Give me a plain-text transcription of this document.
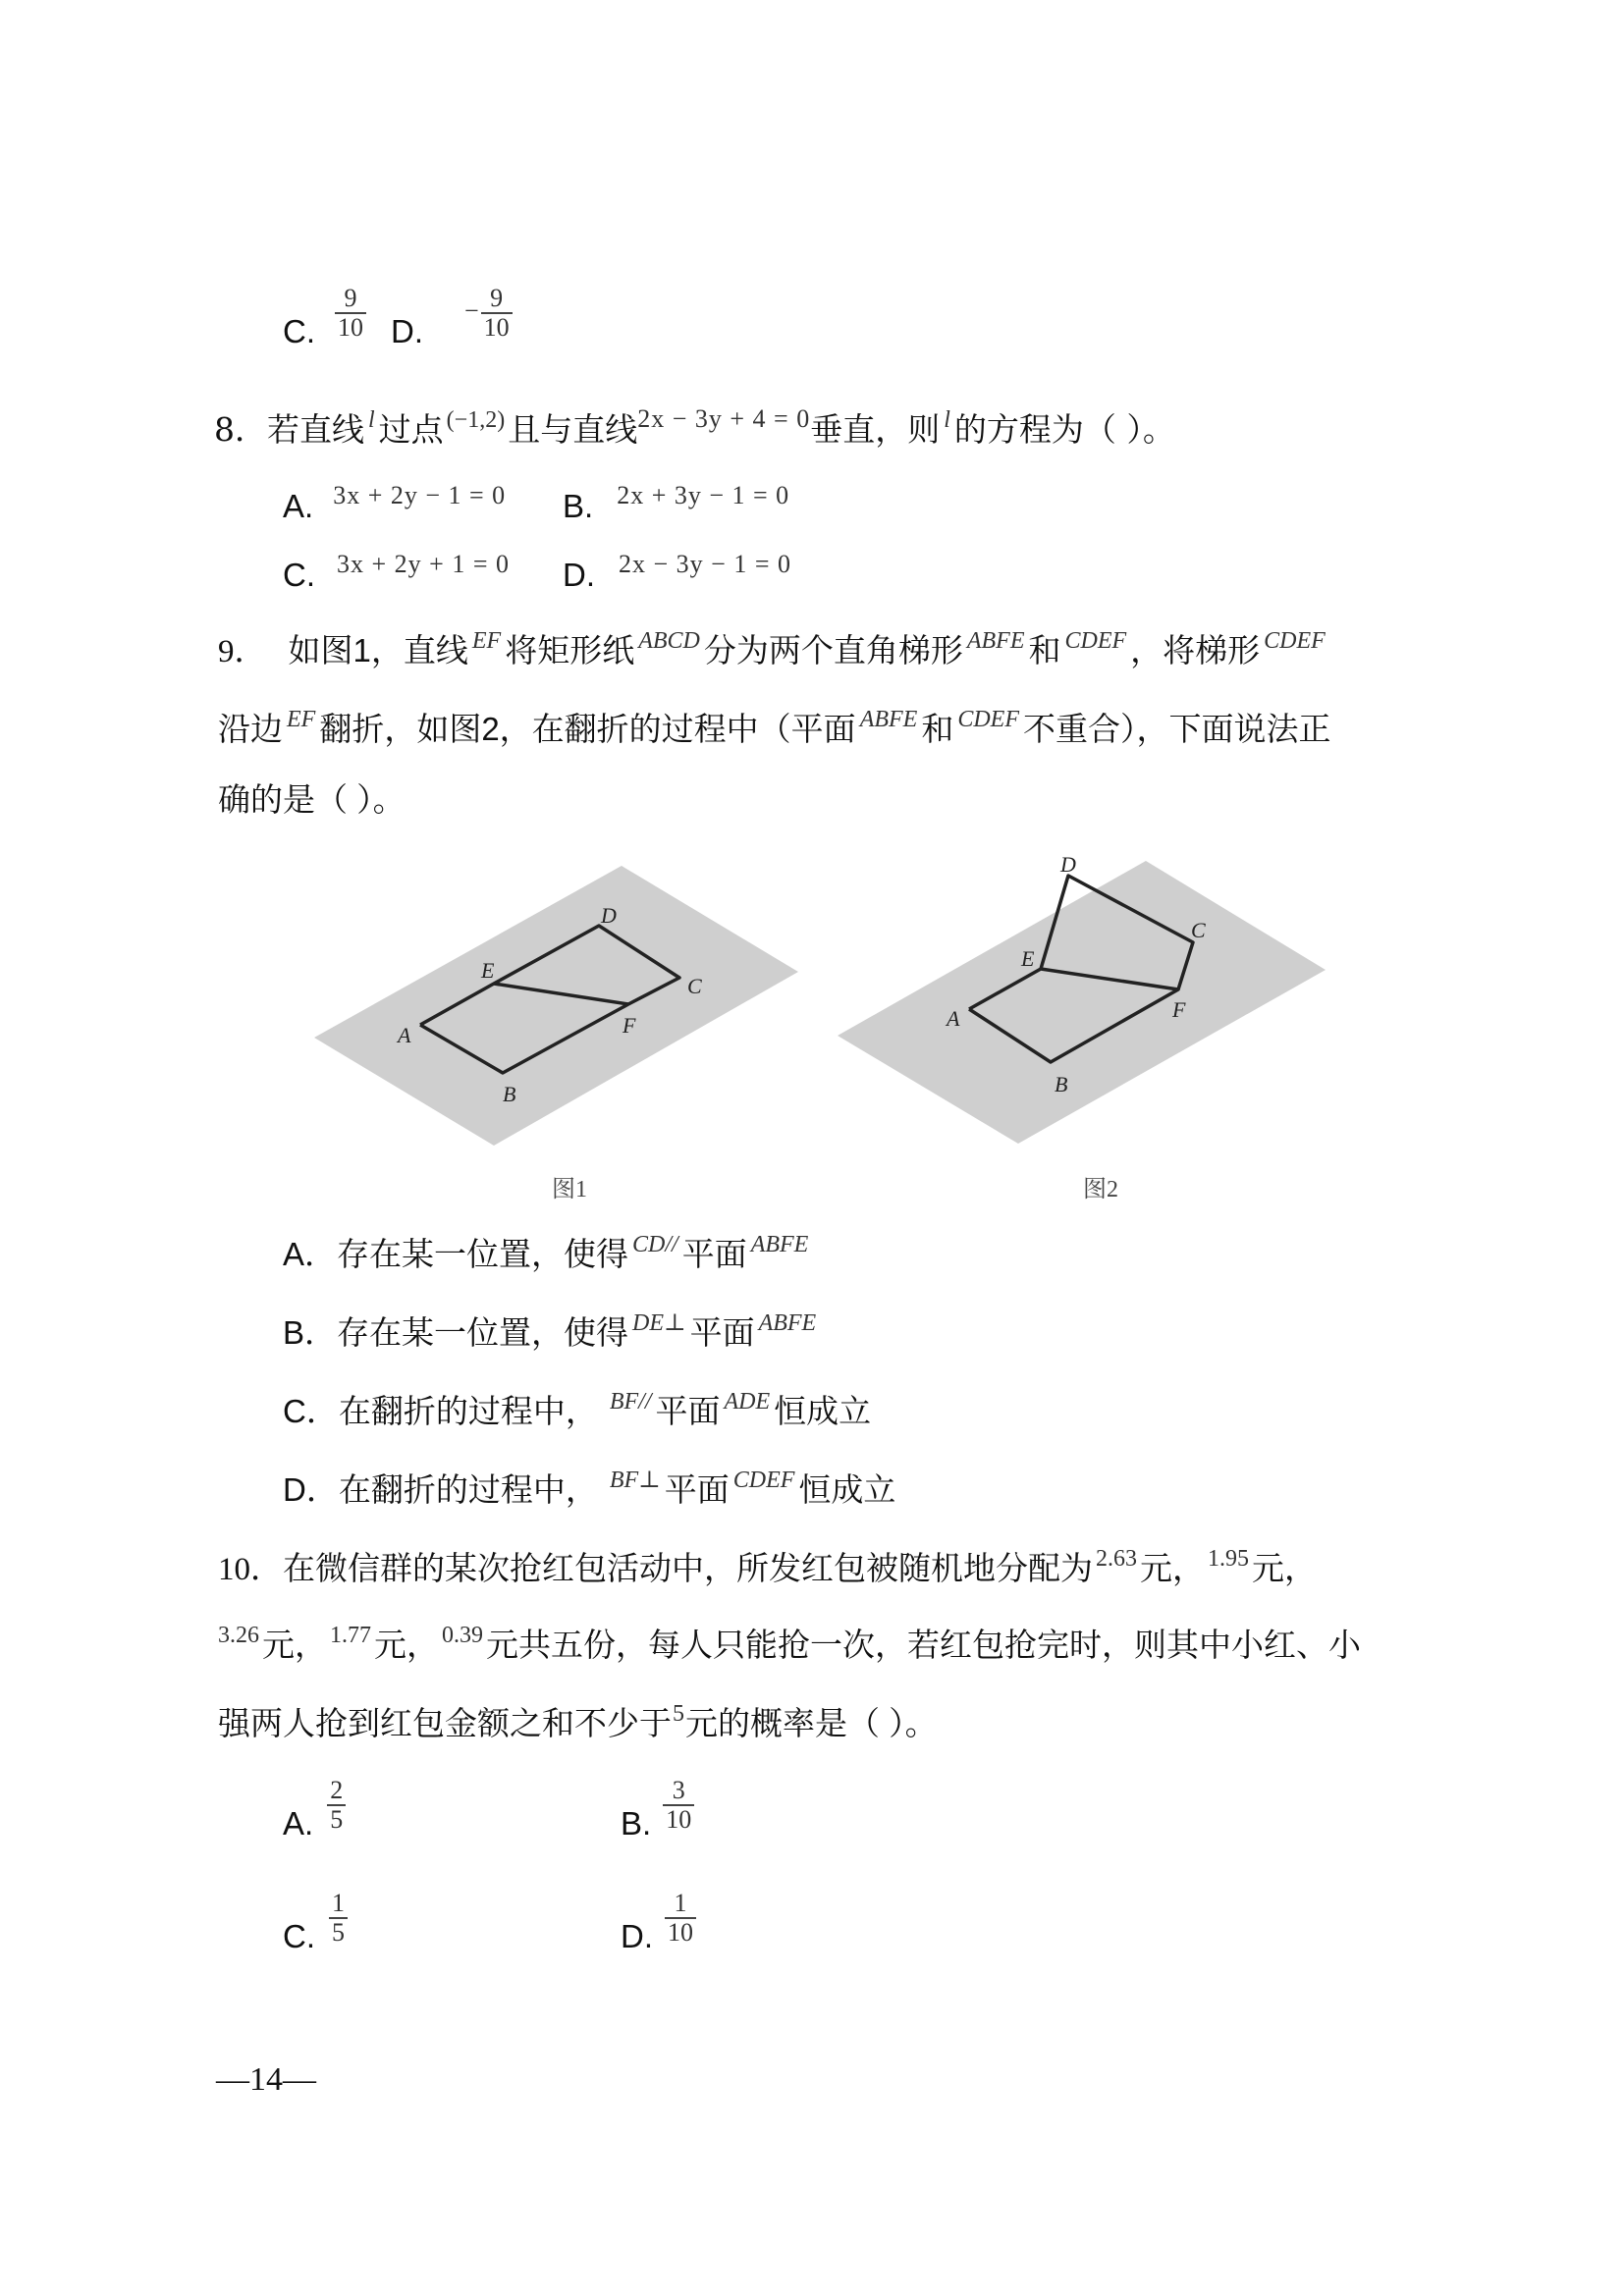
C. $\frac{9}{10} D$. − $\frac{9}{10}$
8．若直线 $^l$ 过点 $^{(-1,2)}$且与直线$^{2x - 3y + 4 = 0}$垂直，则 $^l$ 的方程为（ ）。
A. 3x + 2y − 1 = 0 B. 2x + 3y − 1 = 0
C. 3x + 2y + 1 = 0 D. 2x − 3y − 1 = 0
9． 如图1，直线 $^{EF}$ 将矩形纸 $^{ABCD}$ 分为两个直角梯形 $^{ABFE}$ 和 $^{CDEF}$ ，将梯形 $^{CDEF}$
沿边 $^{EF}$ 翻折，如图2，在翻折的过程中（平面 $^{ABFE}$ 和 $^{CDEF}$ 不重合），下面说法正
确的是（ ）。
D
E
C
F
A
B
图1
D
C
E
F
A
B
图2
A．存在某一位置，使得 $^{CD//}$ 平面 $^{ABFE}$
B．存在某一位置，使得 $^{DE\perp}$ 平面 $^{ABFE}$
C．在翻折的过程中， $^{BF//}$ 平面 $^{ADE}$ 恒成立
D．在翻折的过程中， $^{BF\perp}$ 平面 $^{CDEF}$ 恒成立
10．在微信群的某次抢红包活动中，所发红包被随机地分配为 $^{2.63}$元， $^{1.95}$元，
$^{3.26}$元， $^{1.77}$元， $^{0.39}$元共五份，每人只能抢一次，若红包抢完时，则其中小红、小
强两人抢到红包金额之和不少于$^5$元的概率是（ ）。
A. $\frac{2}{5}$	B. $\frac{3}{10}$
C. $\frac{1}{5}$	D. $\frac{1}{10}$
—14—
